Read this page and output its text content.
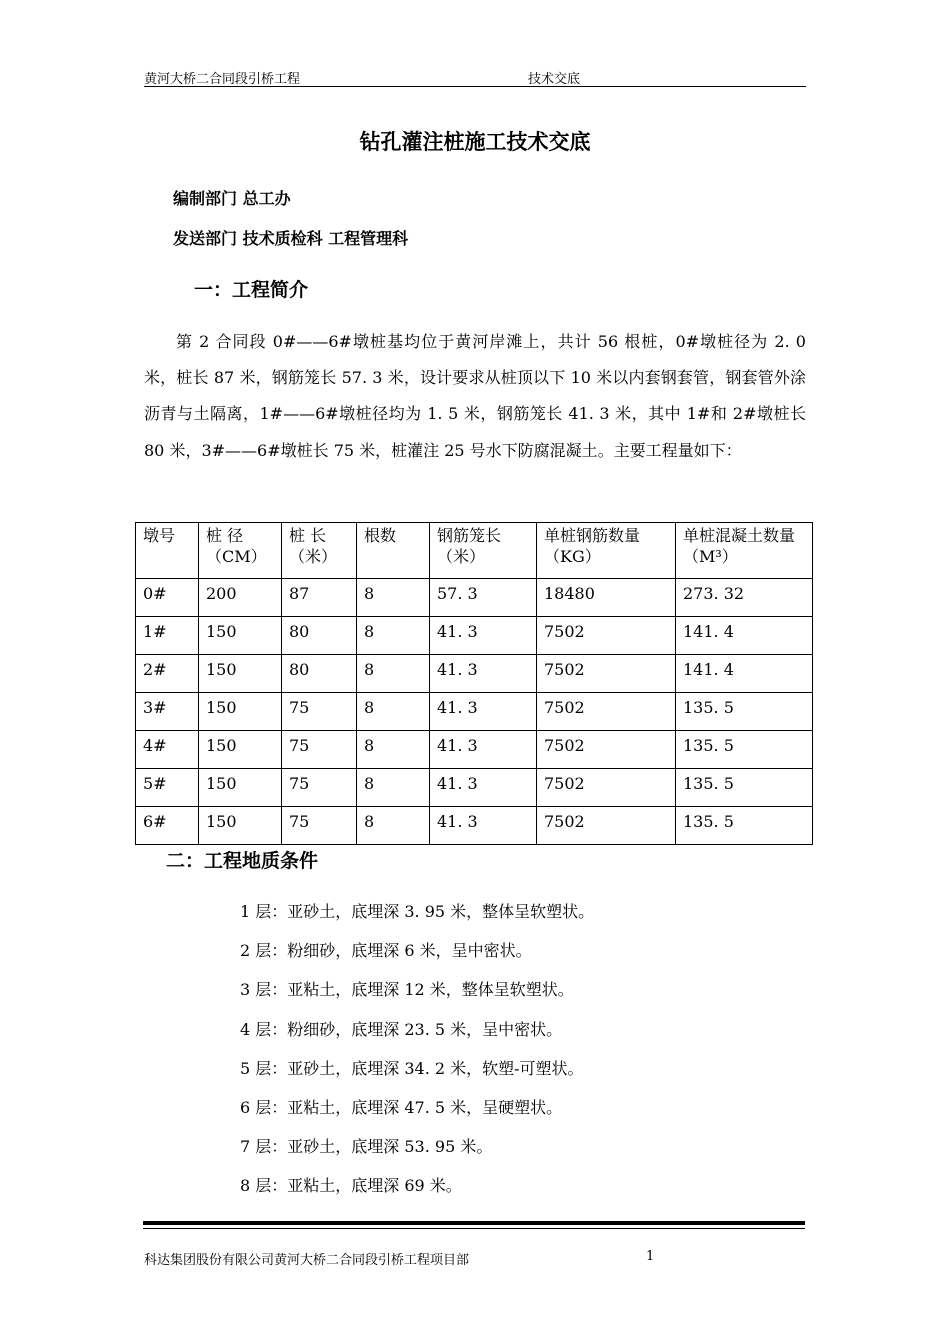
黄河大桥二合同段引桥工程	技术交底
钻孔灌注桩施工技术交底
编制部门 总工办
发送部门 技术质检科 工程管理科
一：工程简介
第 2 合同段 0#——6#墩桩基均位于黄河岸滩上，共计 56 根桩，0#墩桩径为 2. 0 米，桩长 87 米，钢筋笼长 57. 3 米，设计要求从桩顶以下 10 米以内套钢套管，钢套管外涂沥青与土隔离，1#——6#墩桩径均为 1. 5 米，钢筋笼长 41. 3 米，其中 1#和 2#墩桩长 80 米，3#——6#墩桩长 75 米，桩灌注 25 号水下防腐混凝土。主要工程量如下：
墩号	桩 径（CM）	桩 长（米）	根数	钢筋笼长（米）	单桩钢筋数量（KG）	单桩混凝土数量（M³）
0#	200	87	8	57. 3	18480	273. 32
1#	150	80	8	41. 3	7502	141. 4
2#	150	80	8	41. 3	7502	141. 4
3#	150	75	8	41. 3	7502	135. 5
4#	150	75	8	41. 3	7502	135. 5
5#	150	75	8	41. 3	7502	135. 5
6#	150	75	8	41. 3	7502	135. 5
二：工程地质条件
1 层：亚砂土，底埋深 3. 95 米，整体呈软塑状。
2 层：粉细砂，底埋深 6 米，呈中密状。
3 层：亚粘土，底埋深 12 米，整体呈软塑状。
4 层：粉细砂，底埋深 23. 5 米，呈中密状。
5 层：亚砂土，底埋深 34. 2 米，软塑-可塑状。
6 层：亚粘土，底埋深 47. 5 米，呈硬塑状。
7 层：亚砂土，底埋深 53. 95 米。
8 层：亚粘土，底埋深 69 米。
科达集团股份有限公司黄河大桥二合同段引桥工程项目部	1
